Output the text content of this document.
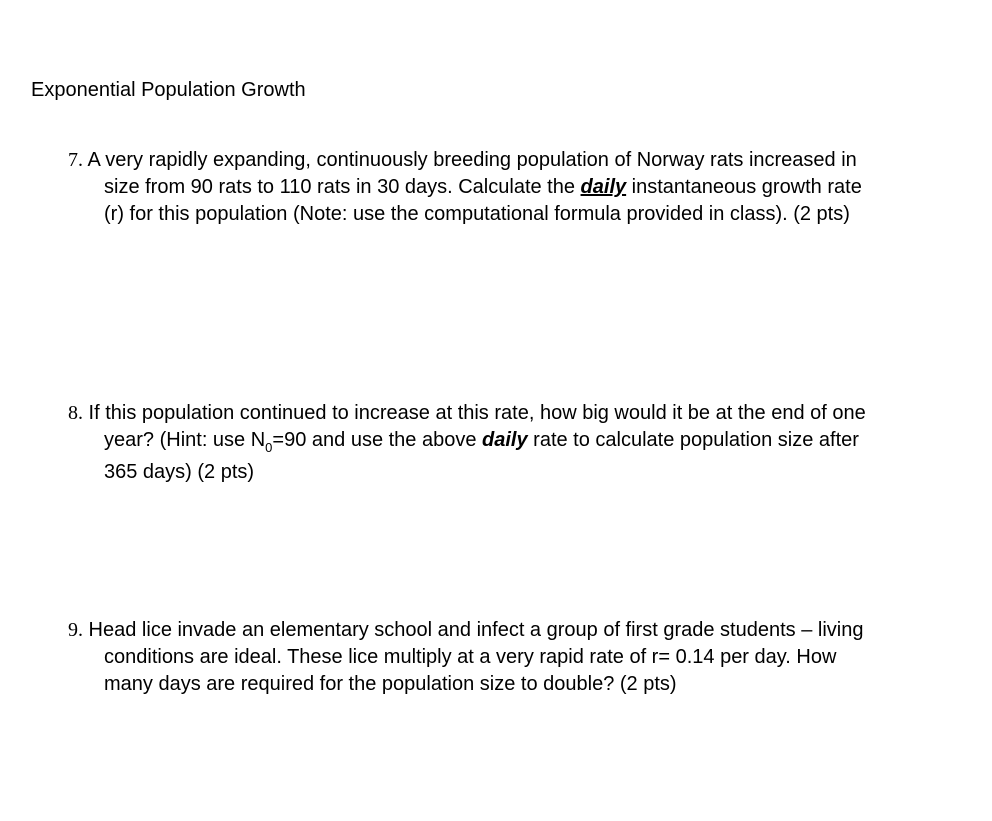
Exponential Population Growth
7. A very rapidly expanding, continuously breeding population of Norway rats increased in
size from 90 rats to 110 rats in 30 days. Calculate the daily instantaneous growth rate
(r) for this population (Note: use the computational formula provided in class). (2 pts)
8. If this population continued to increase at this rate, how big would it be at the end of one
year? (Hint: use $N_0=90$ and use the above daily rate to calculate population size after
365 days) (2 pts)
9. Head lice invade an elementary school and infect a group of first grade students – living
conditions are ideal. These lice multiply at a very rapid rate of r= 0.14 per day. How
many days are required for the population size to double? (2 pts)
